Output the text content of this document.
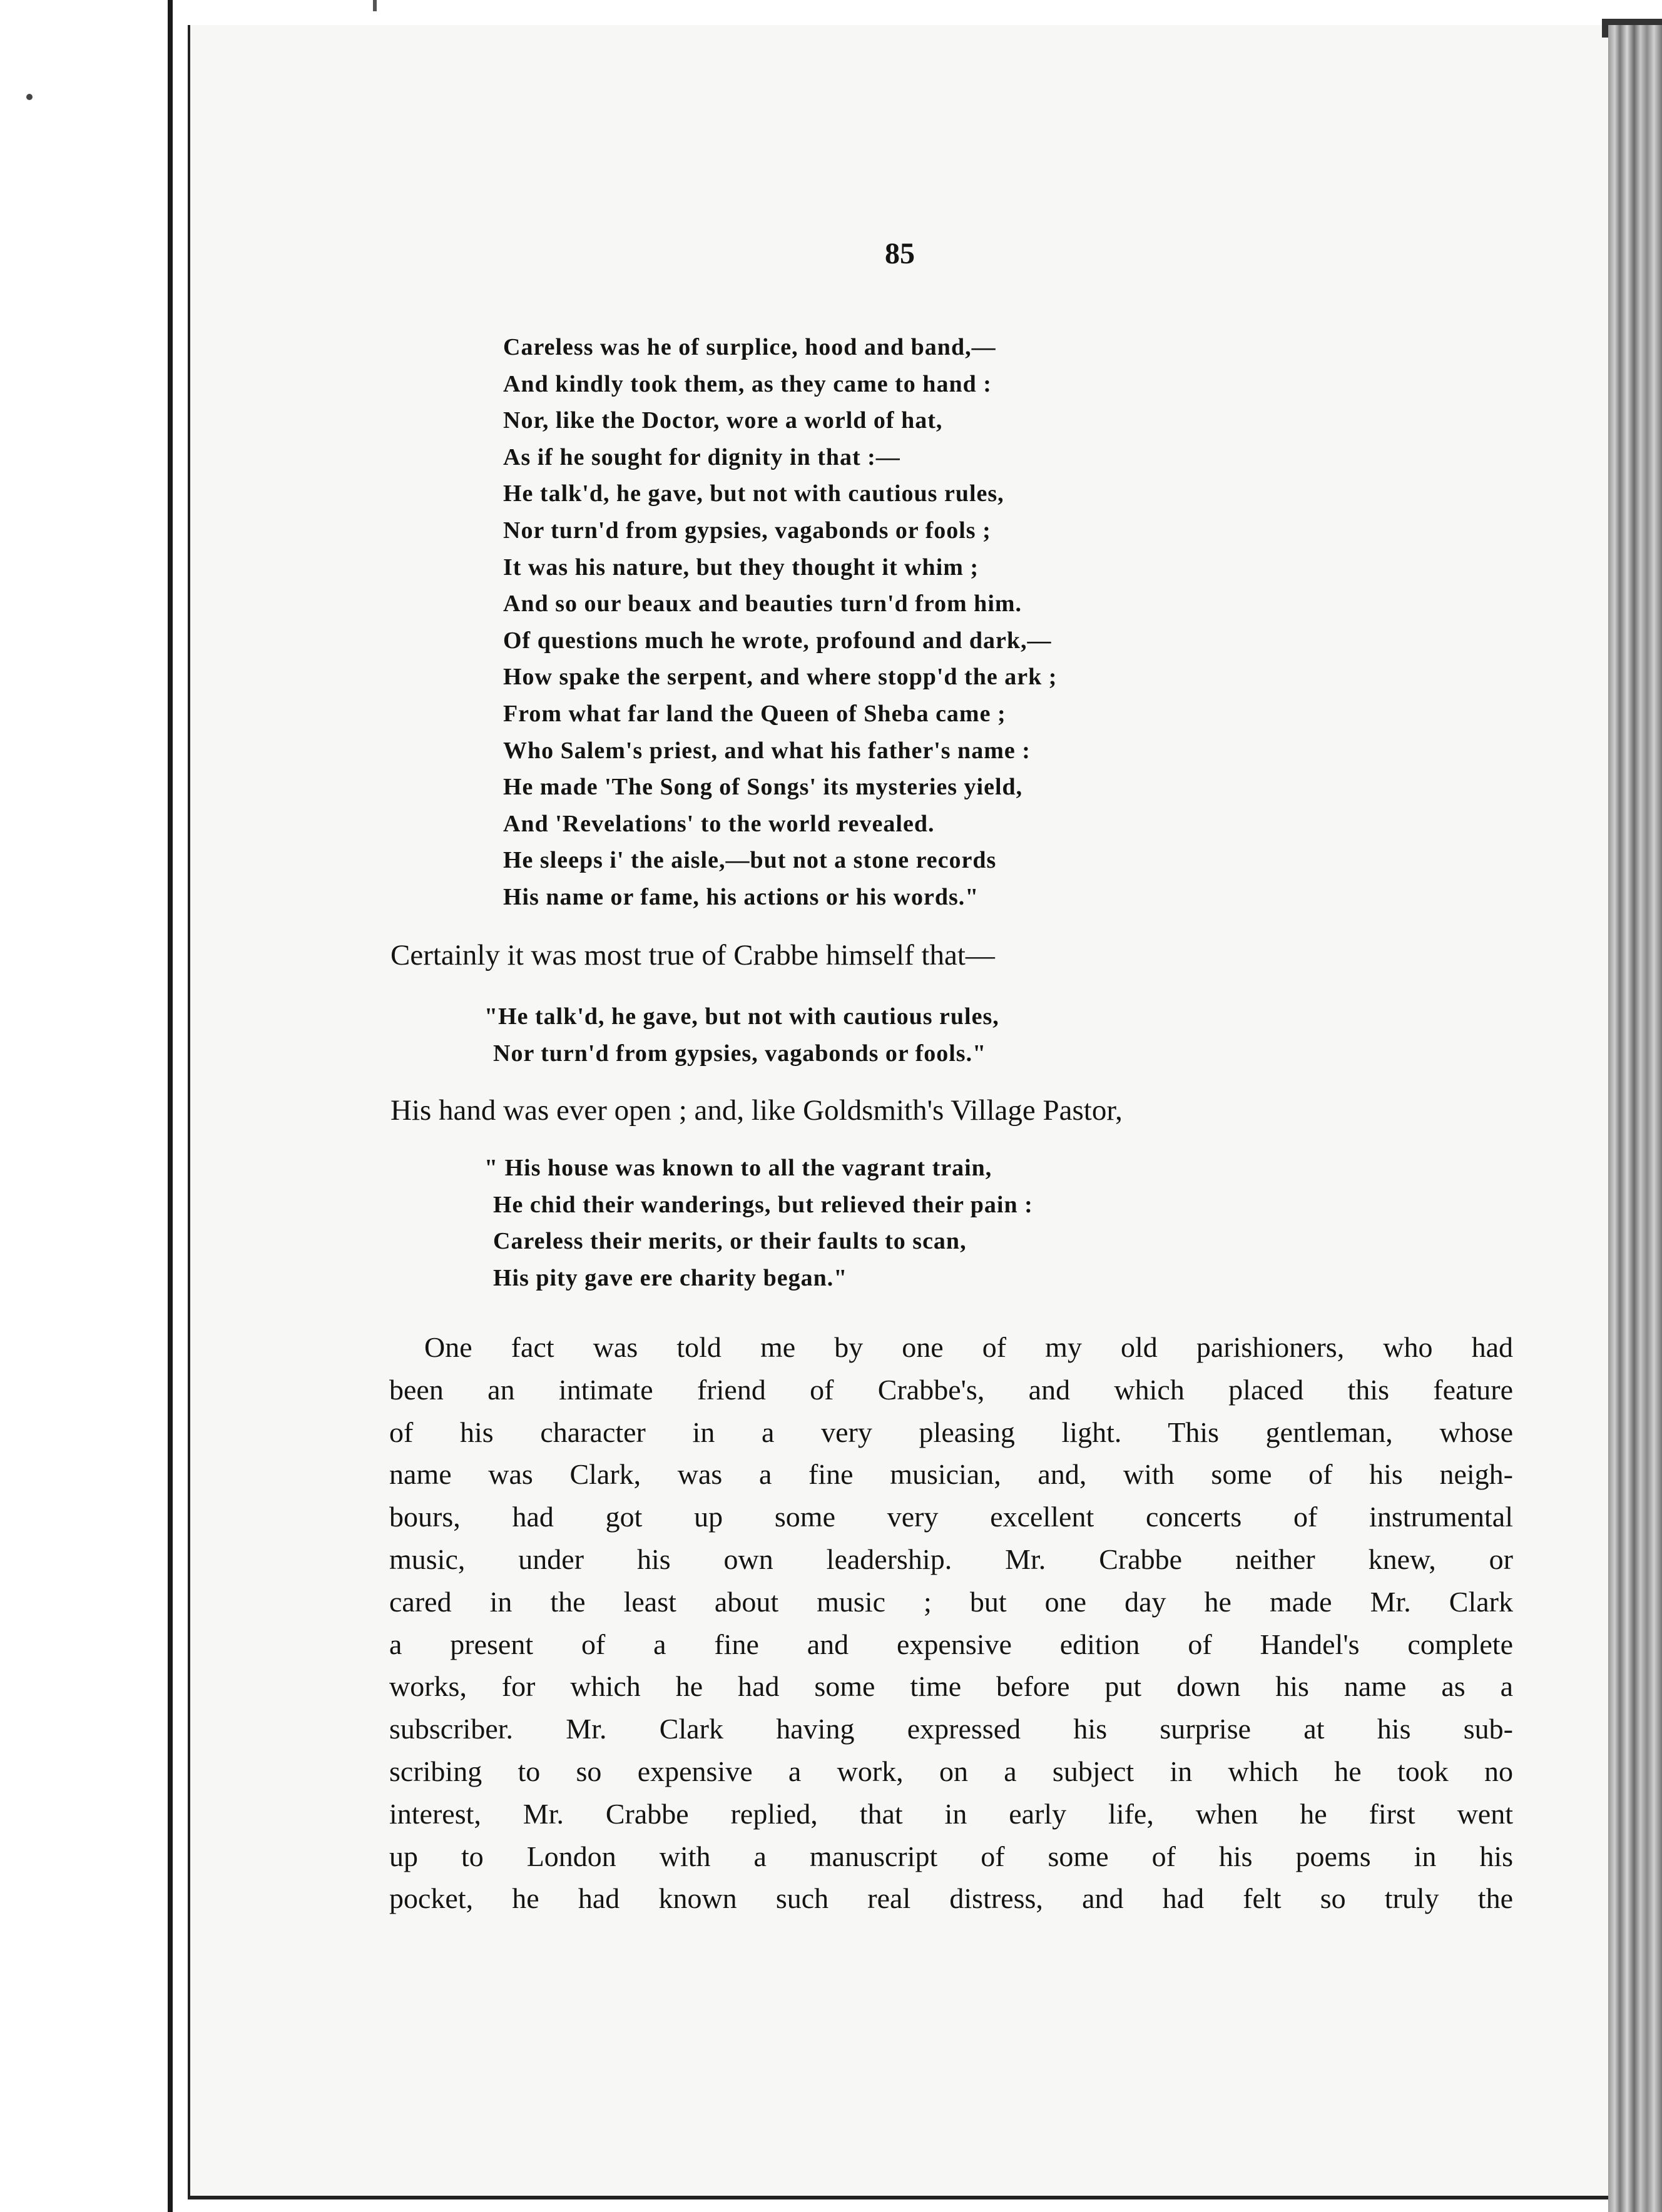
85
Careless was he of surplice, hood and band,—
And kindly took them, as they came to hand :
Nor, like the Doctor, wore a world of hat,
As if he sought for dignity in that :—
He talk'd, he gave, but not with cautious rules,
Nor turn'd from gypsies, vagabonds or fools ;
It was his nature, but they thought it whim ;
And so our beaux and beauties turn'd from him.
Of questions much he wrote, profound and dark,—
How spake the serpent, and where stopp'd the ark ;
From what far land the Queen of Sheba came ;
Who Salem's priest, and what his father's name :
He made 'The Song of Songs' its mysteries yield,
And 'Revelations' to the world revealed.
He sleeps i' the aisle,—but not a stone records
His name or fame, his actions or his words."
Certainly it was most true of Crabbe himself that—
"He talk'd, he gave, but not with cautious rules,
Nor turn'd from gypsies, vagabonds or fools."
His hand was ever open ; and, like Goldsmith's Village Pastor,
" His house was known to all the vagrant train,
He chid their wanderings, but relieved their pain :
Careless their merits, or their faults to scan,
His pity gave ere charity began."
One fact was told me by one of my old parishioners, who had
been an intimate friend of Crabbe's, and which placed this feature
of his character in a very pleasing light. This gentleman, whose
name was Clark, was a fine musician, and, with some of his neigh-
bours, had got up some very excellent concerts of instrumental
music, under his own leadership. Mr. Crabbe neither knew, or
cared in the least about music ; but one day he made Mr. Clark
a present of a fine and expensive edition of Handel's complete
works, for which he had some time before put down his name as a
subscriber. Mr. Clark having expressed his surprise at his sub-
scribing to so expensive a work, on a subject in which he took no
interest, Mr. Crabbe replied, that in early life, when he first went
up to London with a manuscript of some of his poems in his
pocket, he had known such real distress, and had felt so truly the
